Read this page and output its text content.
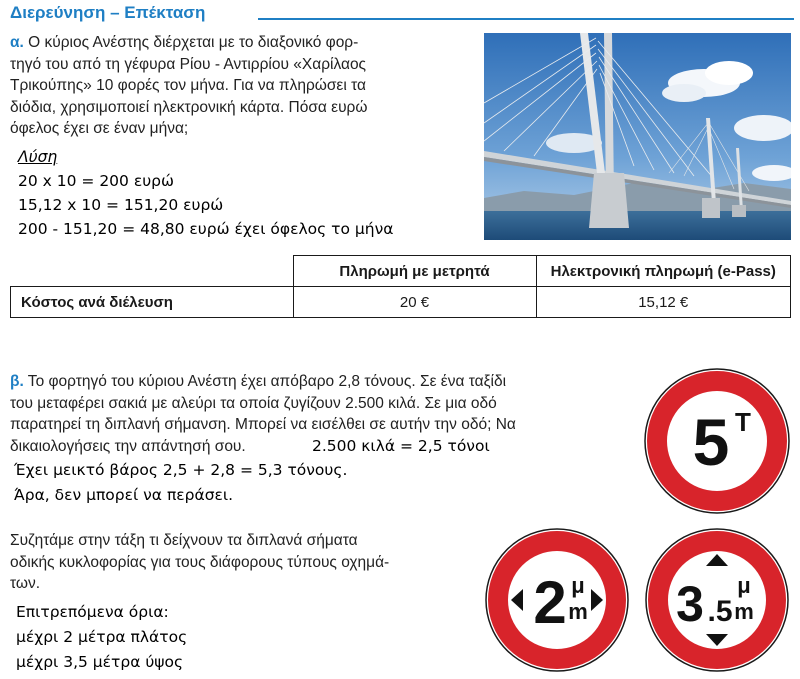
Διερεύνηση – Επέκταση
α. Ο κύριος Ανέστης διέρχεται με το διαξονικό φορ-
τηγό του από τη γέφυρα Ρίου - Αντιρρίου «Χαρίλαος
Τρικούπης» 10 φορές τον μήνα. Για να πληρώσει τα
διόδια, χρησιμοποιεί ηλεκτρονική κάρτα. Πόσα ευρώ
όφελος έχει σε έναν μήνα;
Λύση
20 x 10 = 200 ευρώ
15,12 x 10 = 151,20 ευρώ
200 - 151,20 = 48,80 ευρώ έχει όφελος το μήνα
	Πληρωμή με μετρητά	Ηλεκτρονική πληρωμή (e-Pass)
Κόστος ανά διέλευση	20 €	15,12 €
β. Το φορτηγό του κύριου Ανέστη έχει απόβαρο 2,8 τόνους. Σε ένα ταξίδι
του μεταφέρει σακιά με αλεύρι τα οποία ζυγίζουν 2.500 κιλά. Σε μια οδό
παρατηρεί τη διπλανή σήμανση. Μπορεί να εισέλθει σε αυτήν την οδό; Να
δικαιολογήσεις την απάντησή σου.	2.500 κιλά = 2,5 τόνοι
Έχει μεικτό βάρος 2,5 + 2,8 = 5,3 τόνους.
Άρα, δεν μπορεί να περάσει.
Συζητάμε στην τάξη τι δείχνουν τα διπλανά σήματα
οδικής κυκλοφορίας για τους διάφορους τύπους οχημά-
των.
Επιτρεπόμενα όρια:
μέχρι 2 μέτρα πλάτος
μέχρι 3,5 μέτρα ύψος
5 T
2 μ
m 3 .5
μ
m
